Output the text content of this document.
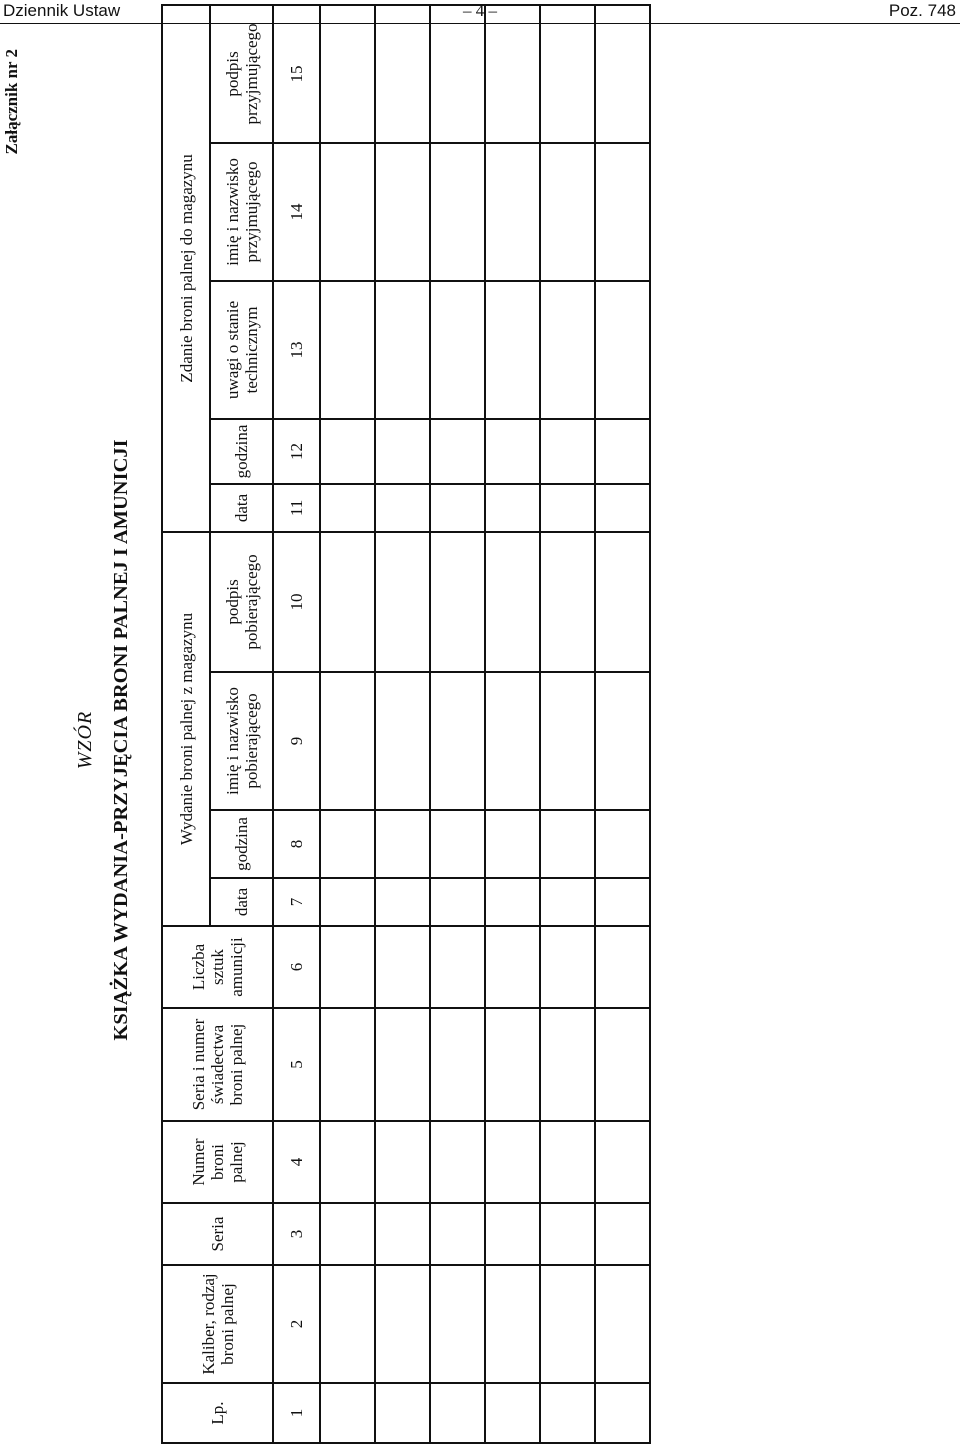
Dziennik Ustaw	– 4 –	Poz. 748
Załącznik nr 2
WZÓR KSIĄŻKA WYDANIA-PRZYJĘCIA BRONI PALNEJ I AMUNICJI
Lp.	Kaliber, rodzaj broni palnej	Seria	Numer broni palnej	Seria i numer świadectwa broni palnej	Liczba sztuk amunicji	Wydanie broni palnej z magazynu				Zdanie broni palnej do magazynu				
						data	godzina	imię i nazwisko pobierającego	podpis pobierającego	data	godzina	uwagi o stanie technicznym	imię i nazwisko przyjmującego	podpis przyjmującego
1	2	3	4	5	6	7	8	9	10	11	12	13	14	15
